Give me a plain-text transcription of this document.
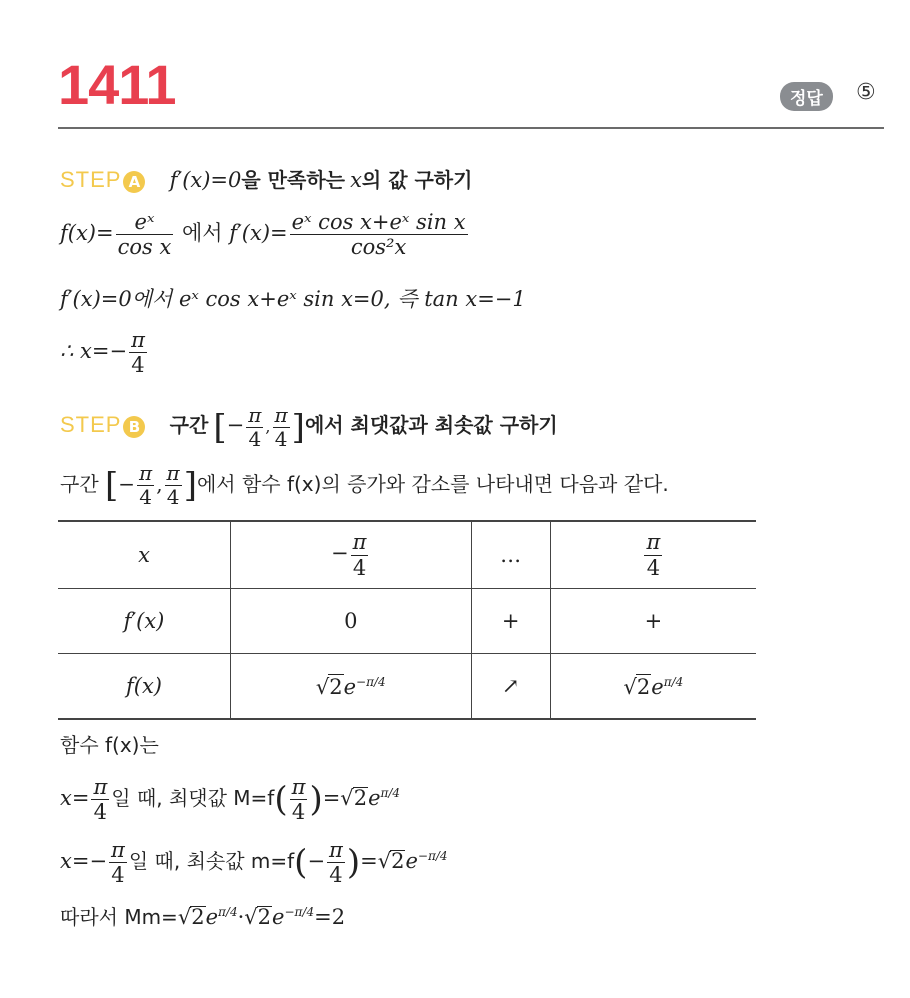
1411	정답	⑤
STEP A f′(x)=0을 만족하는 x의 값 구하기
$f(x)= \frac{\text{eˣ}}{\text{cos x}}$ 에서 $f'(x)= \frac{\text{eˣ cos x+eˣ sin x}}{\text{cos²x}}$
f′(x)=0에서 eˣ cos x+eˣ sin x=0, 즉 tan x=−1
∴ $x=- \frac{\pi}{4}$
STEP B 구간 [− $\frac{\pi}{4}$ , $\frac{\pi}{4}$ ]에서 최댓값과 최솟값 구하기
구간 [− $\frac{\pi}{4}$ , $\frac{\pi}{4}$ ]에서 함수 f(x)의 증가와 감소를 나타내면 다음과 같다.
x	− $\frac{\pi}{4}$	…	$\frac{\pi}{4}$

f′(x)	0	+	+
f(x)	$√2e^{-\pi/4}$	↗	$√2e^{\pi/4}$
함수 f(x)는
$x= \frac{\pi}{4}$ 일 때, 최댓값 $M=f( \frac{\pi}{4} )=√2e^{\pi/4}$
$x=- \frac{\pi}{4}$ 일 때, 최솟값 $m=f(- \frac{\pi}{4} )=√2e^{-\pi/4}$
따라서 $Mm=√2e^{\pi/4}\cdot√2e^{-\pi/4}=2$
